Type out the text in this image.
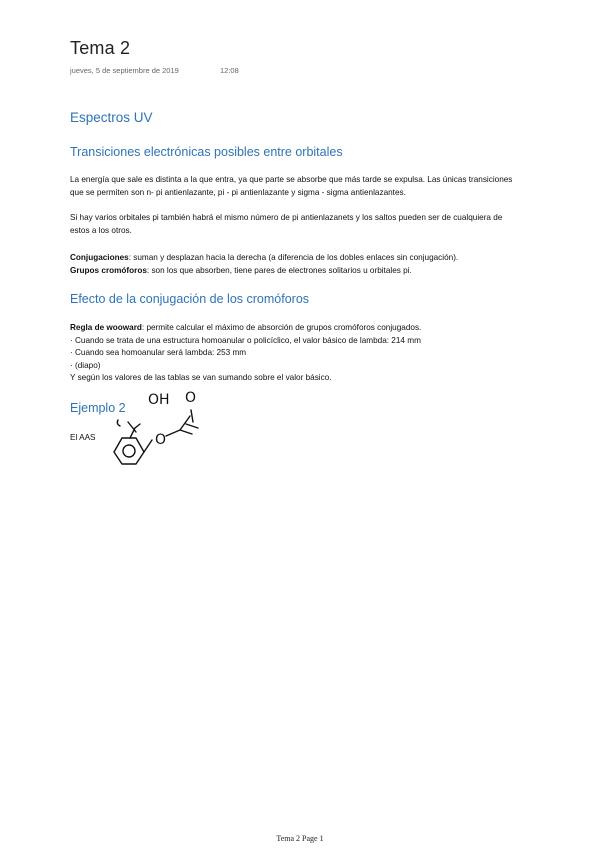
Tema 2
jueves, 5 de septiembre de 2019	12:08
Espectros UV
Transiciones electrónicas posibles entre orbitales
La energía que sale es distinta a la que entra, ya que parte se absorbe que más tarde se expulsa. Las únicas transiciones
que se permiten son n- pi antienlazante, pi - pi antienlazante y sigma - sigma antienlazantes.
Si hay varios orbitales pi también habrá el mismo número de pi antienlazanets y los saltos pueden ser de cualquiera de
estos a los otros.
Conjugaciones: suman y desplazan hacia la derecha (a diferencia de los dobles enlaces sin conjugación).
Grupos cromóforos: son los que absorben, tiene pares de electrones solitarios u orbitales pi.
Efecto de la conjugación de los cromóforos
Regla de wooward: permite calcular el máximo de absorción de grupos cromóforos conjugados.
· Cuando se trata de una estructura homoanular o policíclico, el valor básico de lambda: 214 mm
· Cuando sea homoanular será lambda: 253 mm
· (diapo)
Y según los valores de las tablas se van sumando sobre el valor básico.
Ejemplo 2
El AAS
OH O
O
Tema 2 Page 1
